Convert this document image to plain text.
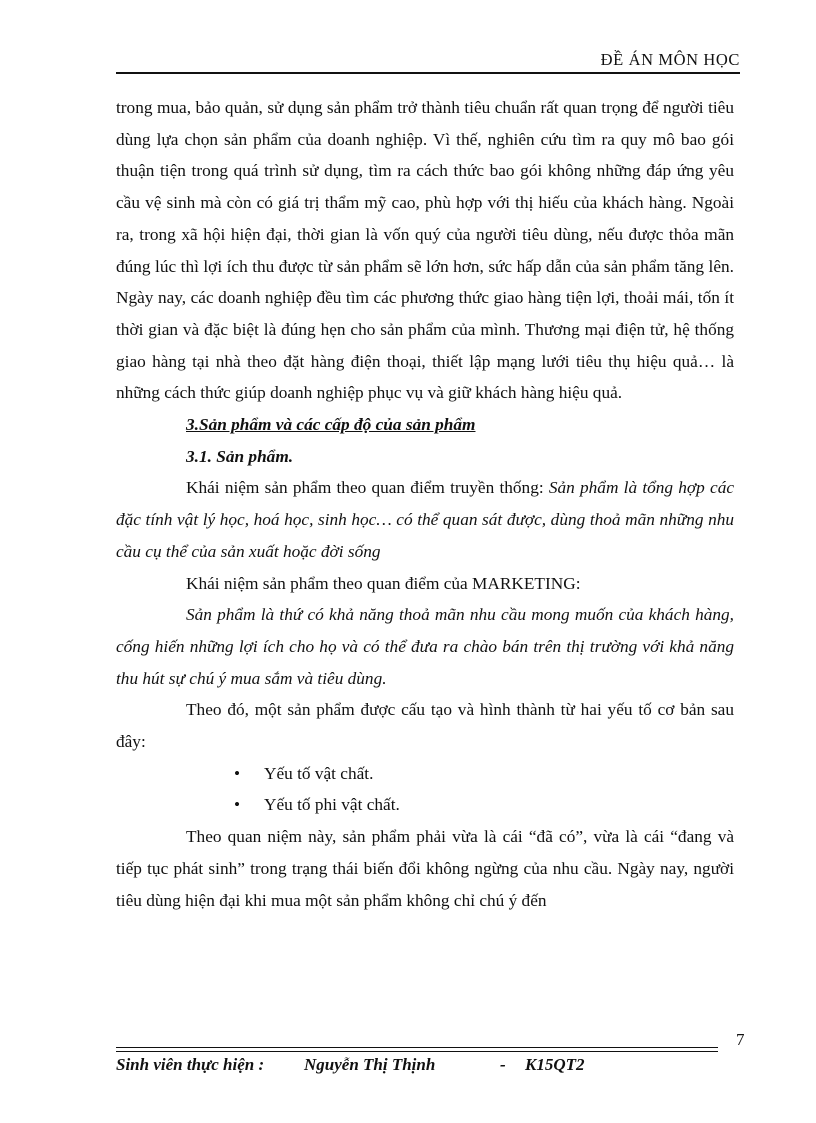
ĐỀ ÁN MÔN HỌC

trong mua, bảo quản, sử dụng sản phẩm trở thành tiêu chuẩn rất quan trọng để người tiêu dùng lựa chọn sản phẩm của doanh nghiệp. Vì thế, nghiên cứu tìm ra quy mô bao gói thuận tiện trong quá trình sử dụng, tìm ra cách thức bao gói không những đáp ứng yêu cầu vệ sinh mà còn có giá trị thẩm mỹ cao, phù hợp với thị hiếu của khách hàng. Ngoài ra, trong xã hội hiện đại, thời gian là vốn quý của người tiêu dùng, nếu được thỏa mãn đúng lúc thì lợi ích thu được từ sản phẩm sẽ lớn hơn, sức hấp dẫn của sản phẩm tăng lên. Ngày nay, các doanh nghiệp đều tìm các phương thức giao hàng tiện lợi, thoải mái, tốn ít thời gian và đặc biệt là đúng hẹn cho sản phẩm của mình. Thương mại điện tử, hệ thống giao hàng tại nhà theo đặt hàng điện thoại, thiết lập mạng lưới tiêu thụ hiệu quả… là những cách thức giúp doanh nghiệp phục vụ và giữ khách hàng hiệu quả.

3.Sản phẩm và các cấp độ của sản phẩm

3.1. Sản phẩm.

Khái niệm sản phẩm theo quan điểm truyền thống: Sản phẩm là tổng hợp các đặc tính vật lý học, hoá học, sinh học… có thể quan sát được, dùng thoả mãn những nhu cầu cụ thể của sản xuất hoặc đời sống

Khái niệm sản phẩm theo quan điểm của MARKETING:

Sản phẩm là thứ có khả năng thoả mãn nhu cầu mong muốn của khách hàng, cống hiến những lợi ích cho họ và có thể đưa ra chào bán trên thị trường với khả năng thu hút sự chú ý mua sắm và tiêu dùng.

Theo đó, một sản phẩm được cấu tạo và hình thành từ hai yếu tố cơ bản sau đây:

• Yếu tố vật chất.
• Yếu tố phi vật chất.

Theo quan niệm này, sản phẩm phải vừa là cái “đã có”, vừa là cái “đang và tiếp tục phát sinh” trong trạng thái biến đổi không ngừng của nhu cầu. Ngày nay, người tiêu dùng hiện đại khi mua một sản phẩm không chỉ chú ý đến

7
Sinh viên thực hiện : Nguyễn Thị Thịnh	- K15QT2
